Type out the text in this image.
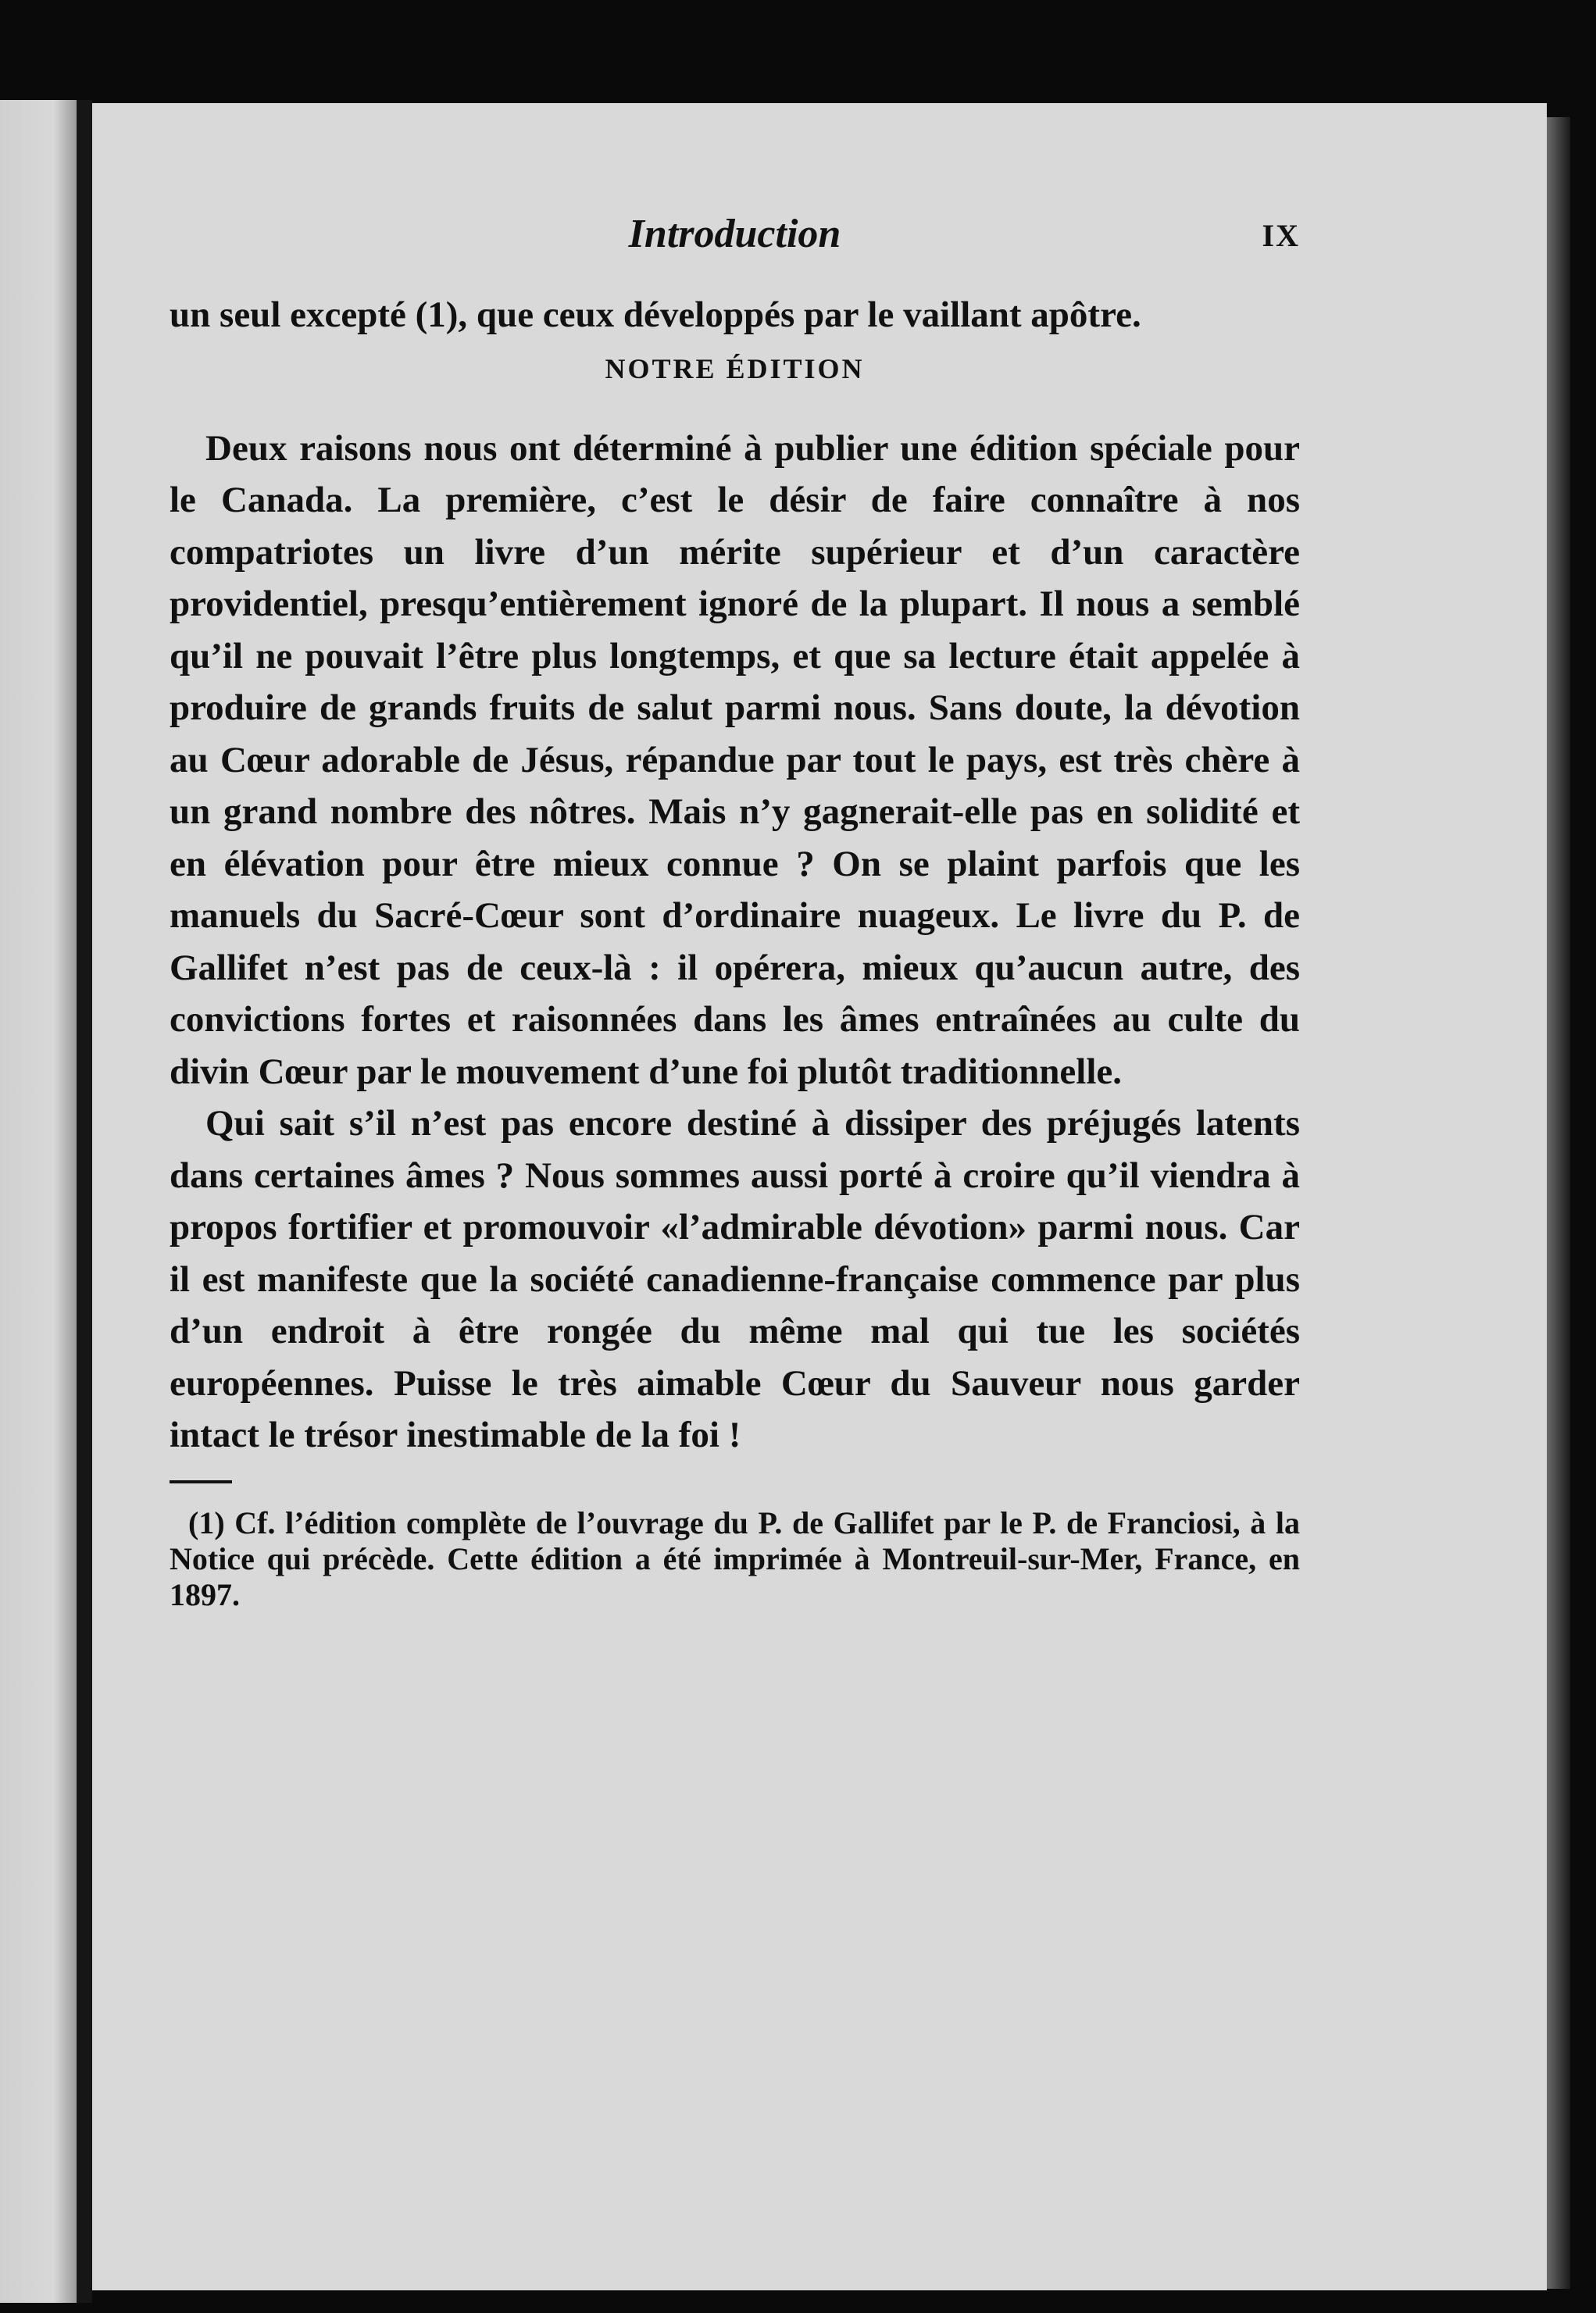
Introduction	IX

un seul excepté (1), que ceux développés par le vaillant apôtre.

NOTRE ÉDITION

Deux raisons nous ont déterminé à publier une édition spéciale pour le Canada. La première, c’est le désir de faire connaître à nos compatriotes un livre d’un mérite supérieur et d’un caractère providentiel, presqu’entièrement ignoré de la plupart. Il nous a semblé qu’il ne pouvait l’être plus longtemps, et que sa lecture était appelée à produire de grands fruits de salut parmi nous. Sans doute, la dévotion au Cœur adorable de Jésus, répandue par tout le pays, est très chère à un grand nombre des nôtres. Mais n’y gagnerait-elle pas en solidité et en élévation pour être mieux connue ? On se plaint parfois que les manuels du Sacré-Cœur sont d’ordinaire nuageux. Le livre du P. de Gallifet n’est pas de ceux-là : il opérera, mieux qu’aucun autre, des convictions fortes et raisonnées dans les âmes entraînées au culte du divin Cœur par le mouvement d’une foi plutôt traditionnelle.

Qui sait s’il n’est pas encore destiné à dissiper des préjugés latents dans certaines âmes ? Nous sommes aussi porté à croire qu’il viendra à propos fortifier et promouvoir «l’admirable dévotion» parmi nous. Car il est manifeste que la société canadienne-française commence par plus d’un endroit à être rongée du même mal qui tue les sociétés européennes. Puisse le très aimable Cœur du Sauveur nous garder intact le trésor inestimable de la foi !

(1) Cf. l’édition complète de l’ouvrage du P. de Gallifet par le P. de Franciosi, à la Notice qui précède. Cette édition a été imprimée à Montreuil-sur-Mer, France, en 1897.
